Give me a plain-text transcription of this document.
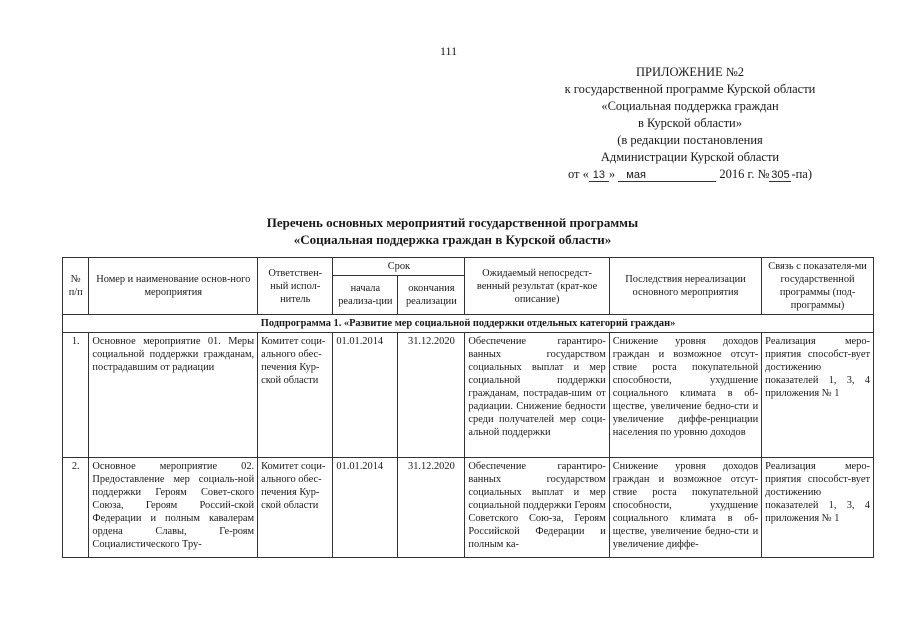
111
ПРИЛОЖЕНИЕ №2
к государственной программе Курской области
«Социальная поддержка граждан
в Курской области»
(в редакции постановления
Администрации Курской области
от « 13 » мая	2016 г. № 305 -па)
Перечень основных мероприятий государственной программы
«Социальная поддержка граждан в Курской области»
№ п/п	Номер и наименование основ-ного мероприятия	Ответствен-ный испол-нитель	Срок		Ожидаемый непосредст-венный результат (крат-кое описание)	Последствия нереализации основного мероприятия	Связь с показателя-ми государственной программы (под-программы)
			начала реализа-ции	окончания реализации			
Подпрограмма 1. «Развитие мер социальной поддержки отдельных категорий граждан»							
1.	Основное мероприятие 01. Меры социальной поддержки гражданам, пострадавшим от радиации	Комитет соци-ального обес-печения Кур-ской области	01.01.2014	31.12.2020	Обеспечение гарантиро-ванных государством социальных выплат и мер социальной поддержки гражданам, пострадав-шим от радиации. Снижение бедности среди получателей мер соци-альной поддержки	Снижение уровня доходов граждан и возможное отсут-ствие роста покупательной способности, ухудшение социального климата в об-ществе, увеличение бедно-сти и увеличение диффе-ренциации населения по уровню доходов	Реализация меро-приятия способст-вует достижению показателей 1, 3, 4 приложения № 1
2.	Основное мероприятие 02. Предоставление мер социаль-ной поддержки Героям Совет-ского Союза, Героям Россий-ской Федерации и полным кавалерам ордена Славы, Ге-роям Социалистического Тру-	Комитет соци-ального обес-печения Кур-ской области	01.01.2014	31.12.2020	Обеспечение гарантиро-ванных государством социальных выплат и мер социальной поддержки Героям Советского Сою-за, Героям Российской Федерации и полным ка-	Снижение уровня доходов граждан и возможное отсут-ствие роста покупательной способности, ухудшение социального климата в об-ществе, увеличение бедно-сти и увеличение диффе-	Реализация меро-приятия способст-вует достижению показателей 1, 3, 4 приложения № 1
